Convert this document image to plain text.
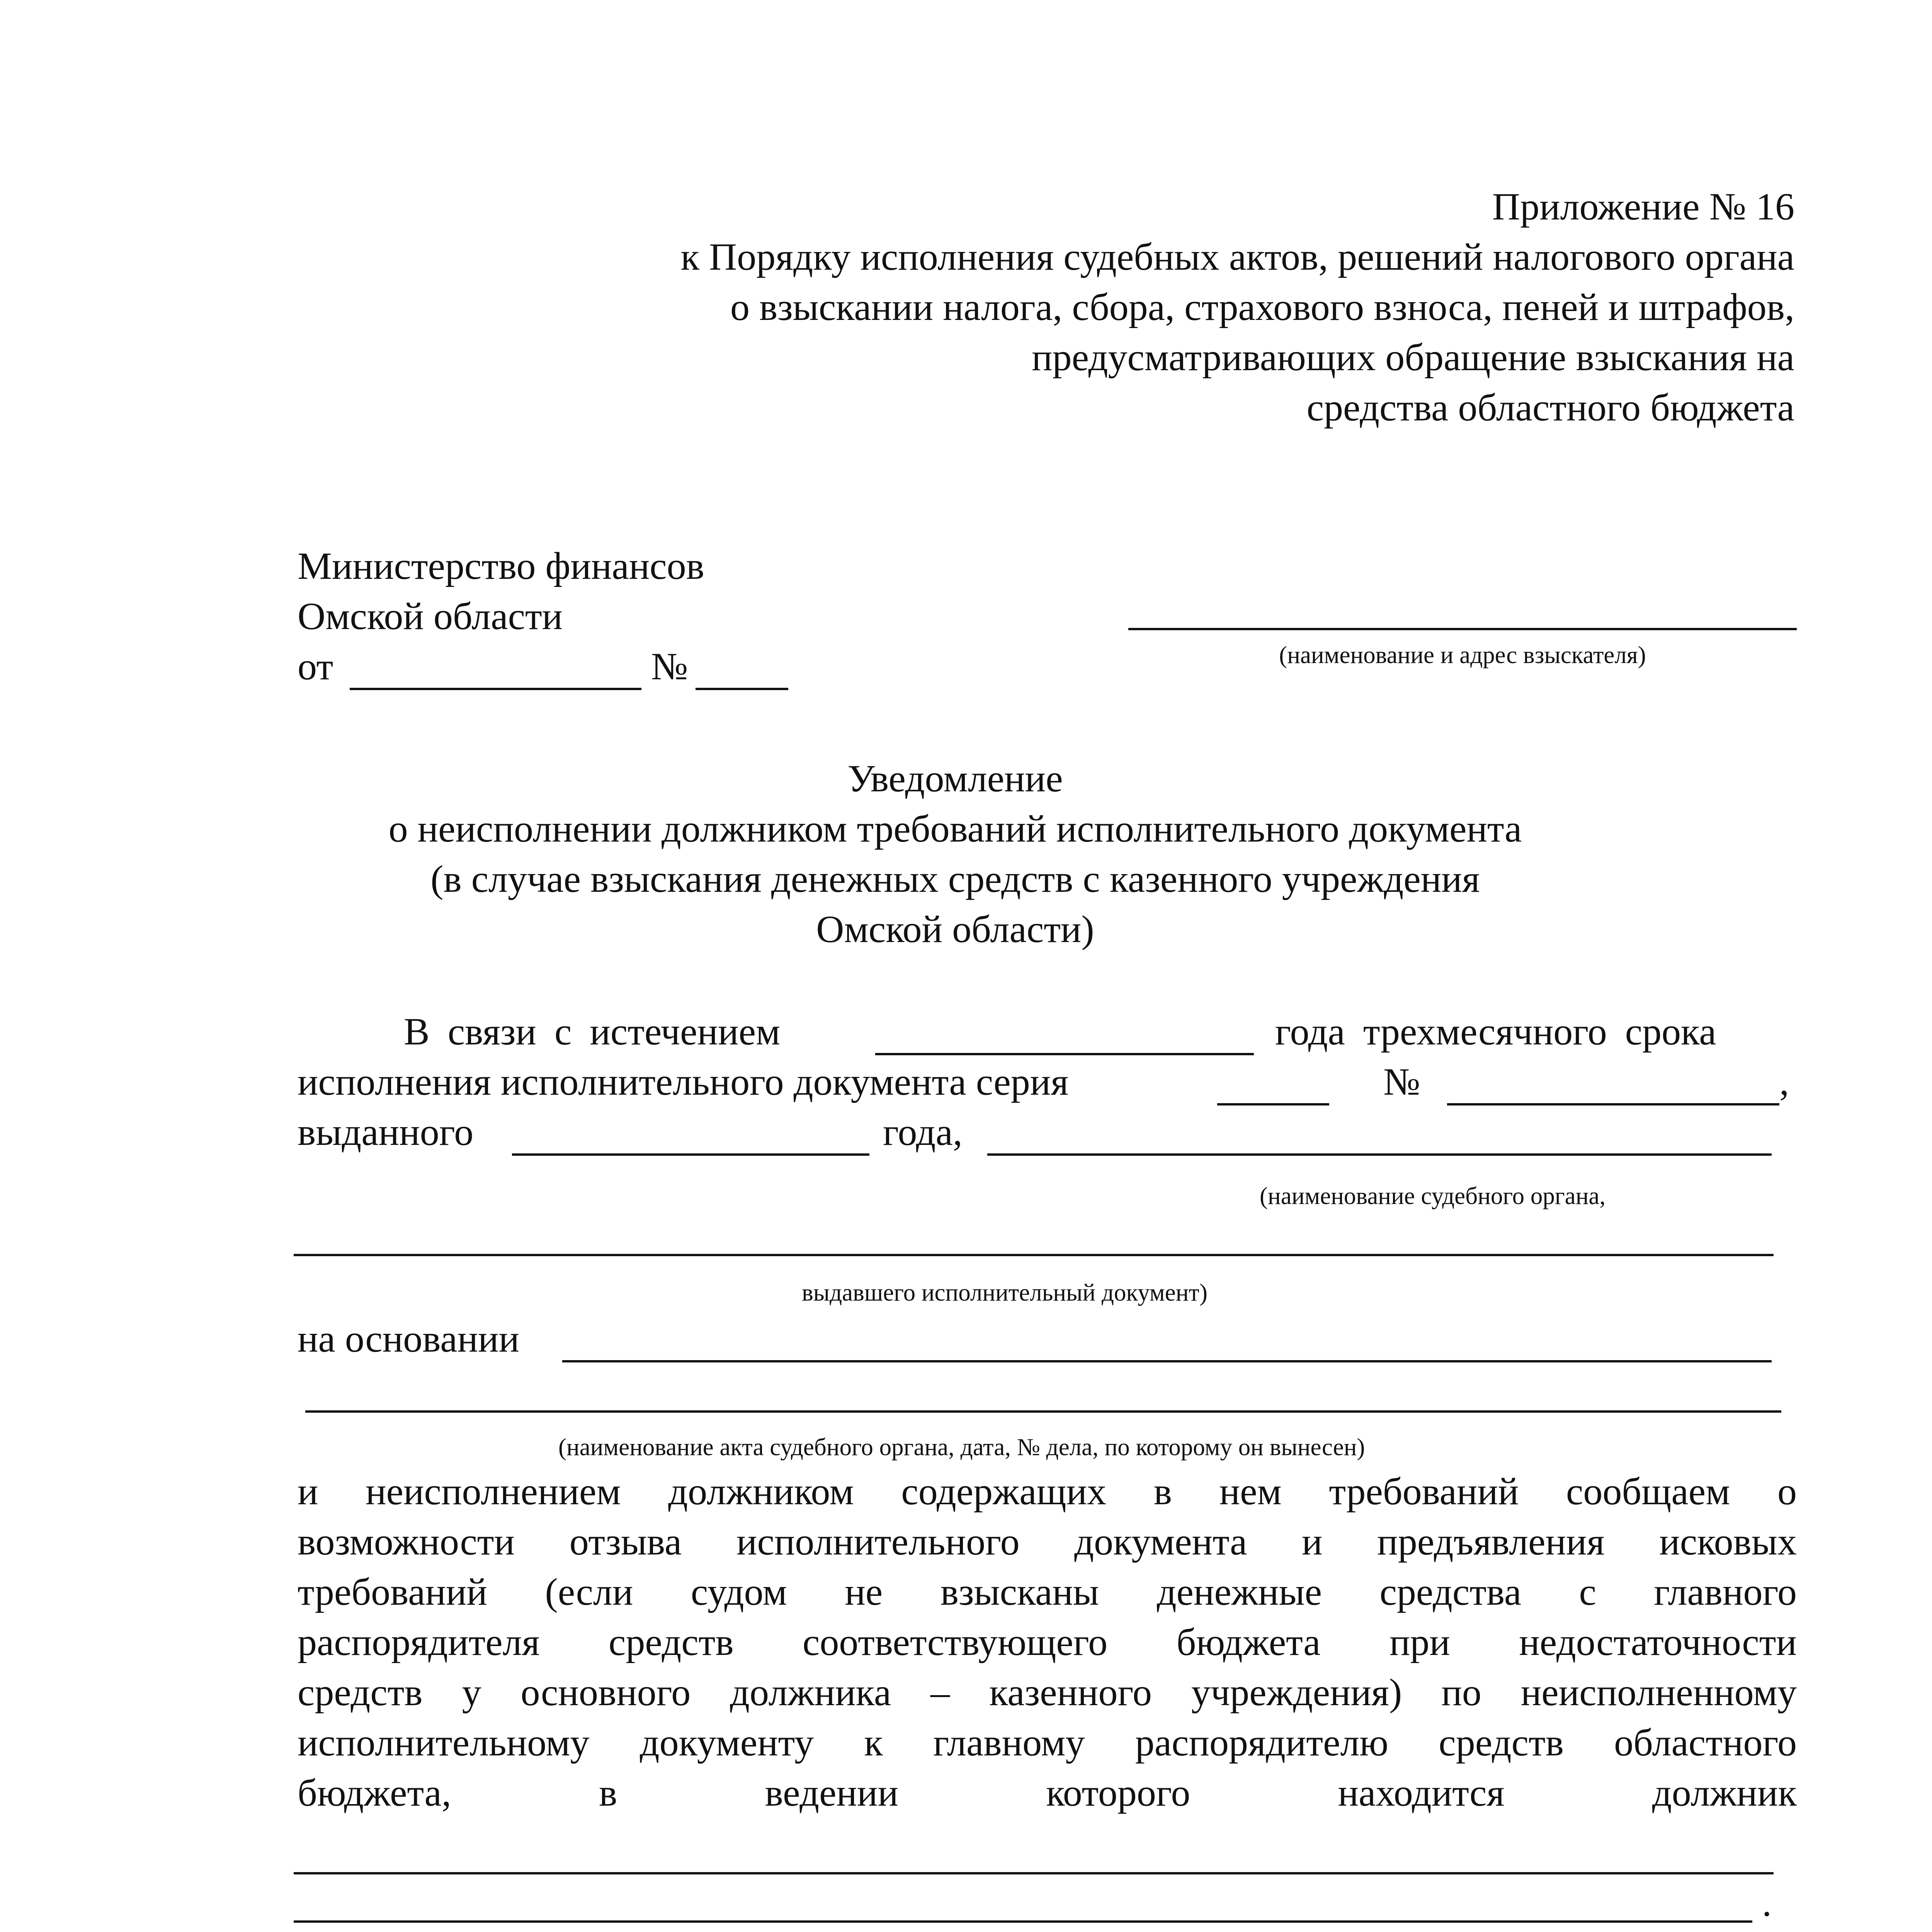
Приложение № 16
к Порядку исполнения судебных актов, решений налогового органа
о взыскании налога, сбора, страхового взноса, пеней и штрафов,
предусматривающих обращение взыскания на
средства областного бюджета
Министерство финансов
Омской области
от	№	(наименование и адрес взыскателя)
Уведомление
о неисполнении должником требований исполнительного документа
(в случае взыскания денежных средств с казенного учреждения
Омской области)
В связи с истечением	года трехмесячного срока
исполнения исполнительного документа серия	№	,
выданного	года,
(наименование судебного органа,
выдавшего исполнительный документ)
на основании
(наименование акта судебного органа, дата, № дела, по которому он вынесен)
и неисполнением должником содержащих в нем требований сообщаем о
возможности отзыва исполнительного документа и предъявления исковых
требований (если судом не взысканы денежные средства с главного
распорядителя средств соответствующего бюджета при недостаточности
средств у основного должника – казенного учреждения) по неисполненному
исполнительному документу к главному распорядителю средств областного
бюджета,	в	ведении	которого	находится	должник
.
